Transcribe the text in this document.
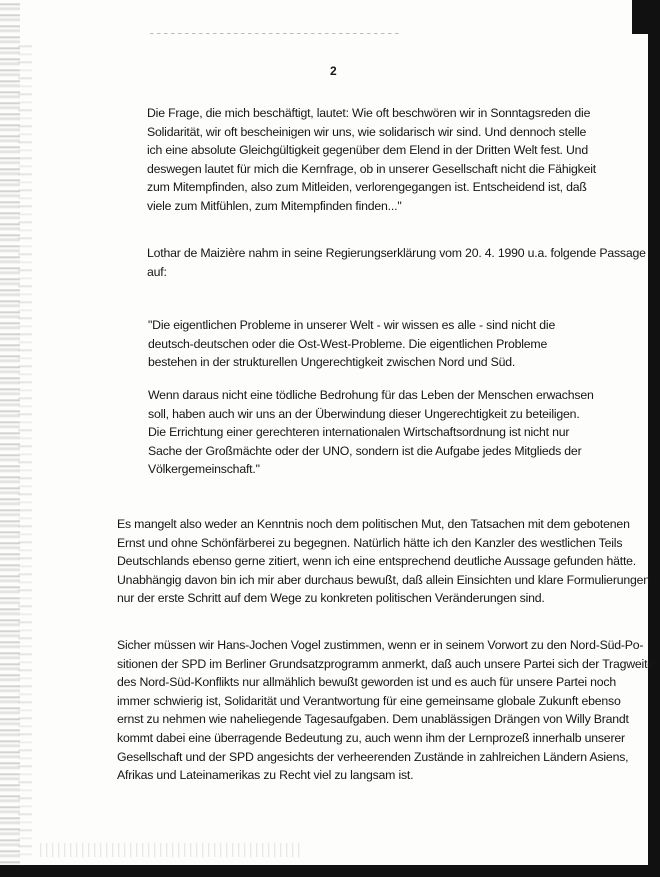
2

Die Frage, die mich beschäftigt, lautet: Wie oft beschwören wir in Sonntagsreden die
Solidarität, wir oft bescheinigen wir uns, wie solidarisch wir sind. Und dennoch stelle
ich eine absolute Gleichgültigkeit gegenüber dem Elend in der Dritten Welt fest. Und
deswegen lautet für mich die Kernfrage, ob in unserer Gesellschaft nicht die Fähigkeit
zum Mitempfinden, also zum Mitleiden, verlorengegangen ist. Entscheidend ist, daß
viele zum Mitfühlen, zum Mitempfinden finden..."

Lothar de Maizière nahm in seine Regierungserklärung vom 20. 4. 1990 u.a. folgende Passage
auf:

"Die eigentlichen Probleme in unserer Welt - wir wissen es alle - sind nicht die
deutsch-deutschen oder die Ost-West-Probleme. Die eigentlichen Probleme
bestehen in der strukturellen Ungerechtigkeit zwischen Nord und Süd.

Wenn daraus nicht eine tödliche Bedrohung für das Leben der Menschen erwachsen
soll, haben auch wir uns an der Überwindung dieser Ungerechtigkeit zu beteiligen.
Die Errichtung einer gerechteren internationalen Wirtschaftsordnung ist nicht nur
Sache der Großmächte oder der UNO, sondern ist die Aufgabe jedes Mitglieds der
Völkergemeinschaft."

Es mangelt also weder an Kenntnis noch dem politischen Mut, den Tatsachen mit dem gebotenen
Ernst und ohne Schönfärberei zu begegnen. Natürlich hätte ich den Kanzler des westlichen Teils
Deutschlands ebenso gerne zitiert, wenn ich eine entsprechend deutliche Aussage gefunden hätte.
Unabhängig davon bin ich mir aber durchaus bewußt, daß allein Einsichten und klare Formulierungen
nur der erste Schritt auf dem Wege zu konkreten politischen Veränderungen sind.

Sicher müssen wir Hans-Jochen Vogel zustimmen, wenn er in seinem Vorwort zu den Nord-Süd-Po-
sitionen der SPD im Berliner Grundsatzprogramm anmerkt, daß auch unsere Partei sich der Tragweite
des Nord-Süd-Konflikts nur allmählich bewußt geworden ist und es auch für unsere Partei noch
immer schwierig ist, Solidarität und Verantwortung für eine gemeinsame globale Zukunft ebenso
ernst zu nehmen wie naheliegende Tagesaufgaben. Dem unablässigen Drängen von Willy Brandt
kommt dabei eine überragende Bedeutung zu, auch wenn ihm der Lernprozeß innerhalb unserer
Gesellschaft und der SPD angesichts der verheerenden Zustände in zahlreichen Ländern Asiens,
Afrikas und Lateinamerikas zu Recht viel zu langsam ist.
